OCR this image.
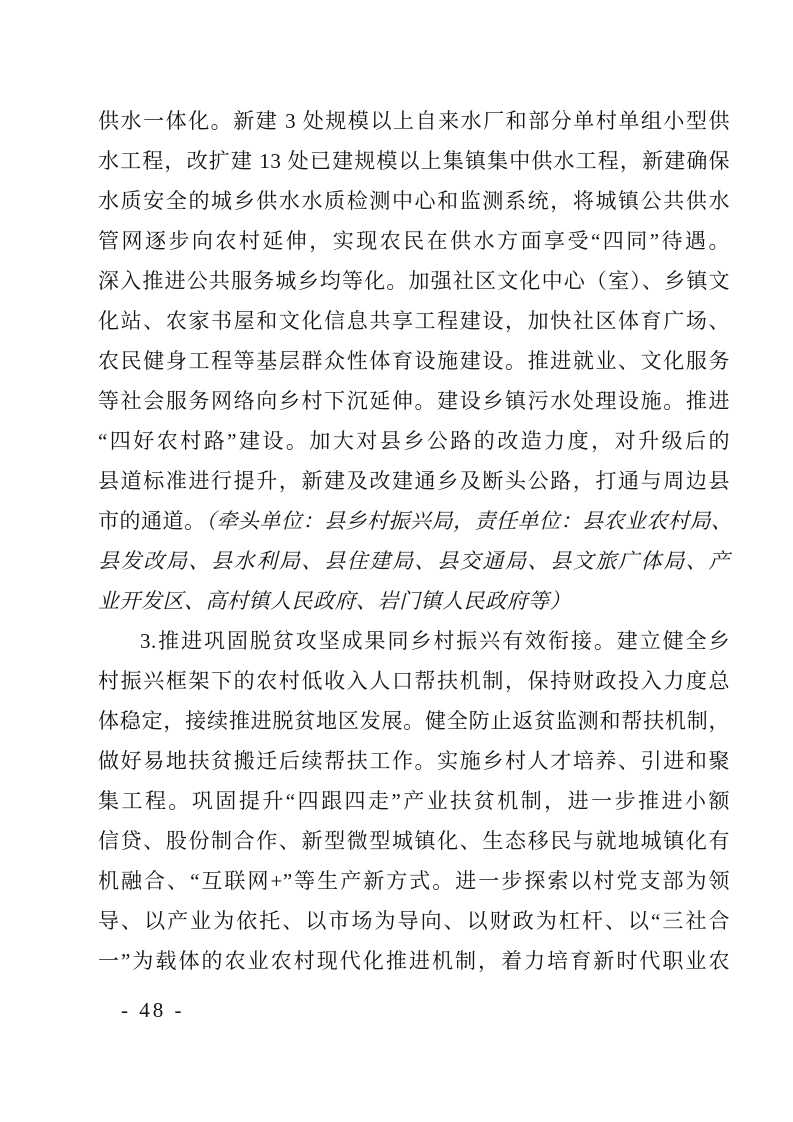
供水一体化。新建 3 处规模以上自来水厂和部分单村单组小型供
水工程，改扩建 13 处已建规模以上集镇集中供水工程，新建确保
水质安全的城乡供水水质检测中心和监测系统，将城镇公共供水
管网逐步向农村延伸，实现农民在供水方面享受“四同”待遇。
深入推进公共服务城乡均等化。加强社区文化中心（室）、乡镇文
化站、农家书屋和文化信息共享工程建设，加快社区体育广场、
农民健身工程等基层群众性体育设施建设。推进就业、文化服务
等社会服务网络向乡村下沉延伸。建设乡镇污水处理设施。推进
“四好农村路”建设。加大对县乡公路的改造力度，对升级后的
县道标准进行提升，新建及改建通乡及断头公路，打通与周边县
市的通道。（牵头单位：县乡村振兴局，责任单位：县农业农村局、
县发改局、县水利局、县住建局、县交通局、县文旅广体局、产
业开发区、高村镇人民政府、岩门镇人民政府等）
3.推进巩固脱贫攻坚成果同乡村振兴有效衔接。建立健全乡
村振兴框架下的农村低收入人口帮扶机制，保持财政投入力度总
体稳定，接续推进脱贫地区发展。健全防止返贫监测和帮扶机制，
做好易地扶贫搬迁后续帮扶工作。实施乡村人才培养、引进和聚
集工程。巩固提升“四跟四走”产业扶贫机制，进一步推进小额
信贷、股份制合作、新型微型城镇化、生态移民与就地城镇化有
机融合、“互联网+”等生产新方式。进一步探索以村党支部为领
导、以产业为依托、以市场为导向、以财政为杠杆、以“三社合
一”为载体的农业农村现代化推进机制，着力培育新时代职业农
- 48 -
